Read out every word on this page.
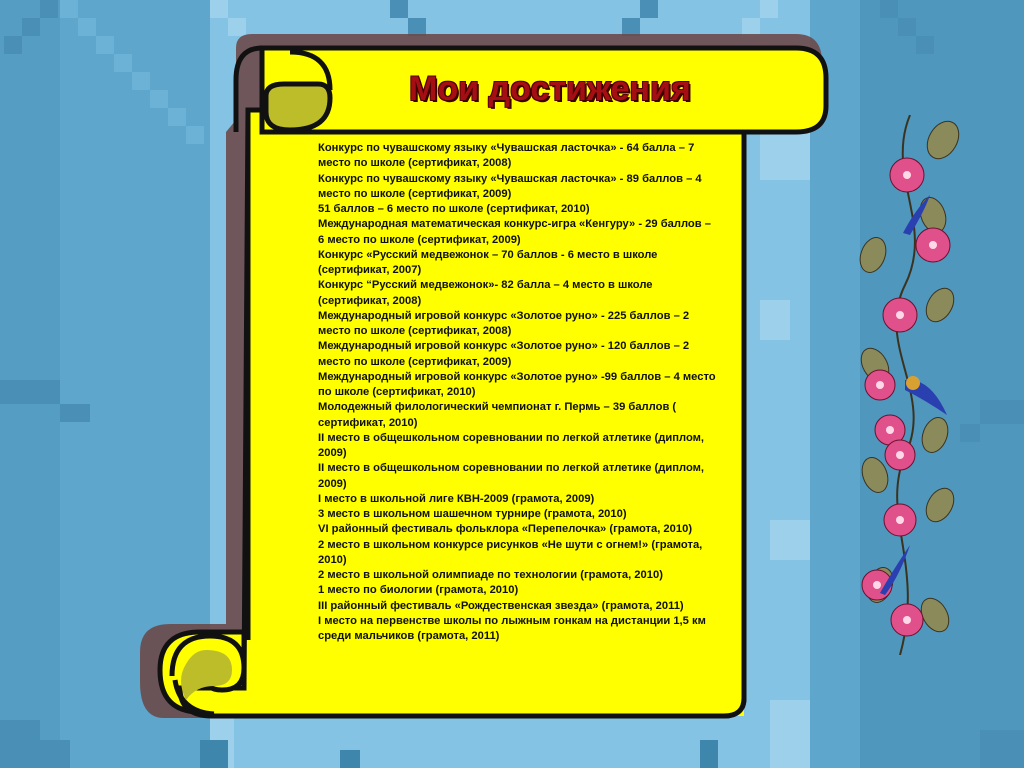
Мои достижения
Конкурс по чувашскому языку «Чувашская ласточка» - 64 балла – 7 место по школе (сертификат, 2008)
Конкурс по чувашскому языку «Чувашская ласточка» - 89 баллов – 4 место по школе (сертификат, 2009)
51 баллов – 6 место по школе (сертификат, 2010)
Международная математическая конкурс-игра «Кенгуру» - 29 баллов – 6 место по школе (сертификат, 2009)
Конкурс «Русский медвежонок – 70 баллов - 6 место в школе (сертификат, 2007)
Конкурс “Русский медвежонок»- 82 балла – 4 место в школе (сертификат, 2008)
Международный игровой конкурс «Золотое руно» - 225 баллов – 2 место по школе (сертификат, 2008)
Международный игровой конкурс «Золотое руно» - 120 баллов – 2 место по школе (сертификат, 2009)
Международный игровой конкурс «Золотое руно» -99 баллов – 4 место по школе (сертификат, 2010)
Молодежный филологический чемпионат г. Пермь – 39 баллов ( сертификат, 2010)
II место в общешкольном соревновании по легкой атлетике (диплом, 2009)
II место в общешкольном соревновании по легкой атлетике (диплом, 2009)
I место в школьной лиге КВН-2009 (грамота, 2009)
3 место в школьном шашечном турнире (грамота, 2010)
VI районный фестиваль фольклора «Перепелочка» (грамота, 2010)
2 место в школьном конкурсе рисунков «Не шути с огнем!» (грамота, 2010)
2 место в школьной олимпиаде по технологии (грамота, 2010)
1 место по биологии (грамота, 2010)
III районный фестиваль «Рождественская звезда» (грамота, 2011)
I место на первенстве школы по лыжным гонкам на дистанции 1,5 км среди мальчиков (грамота, 2011)
